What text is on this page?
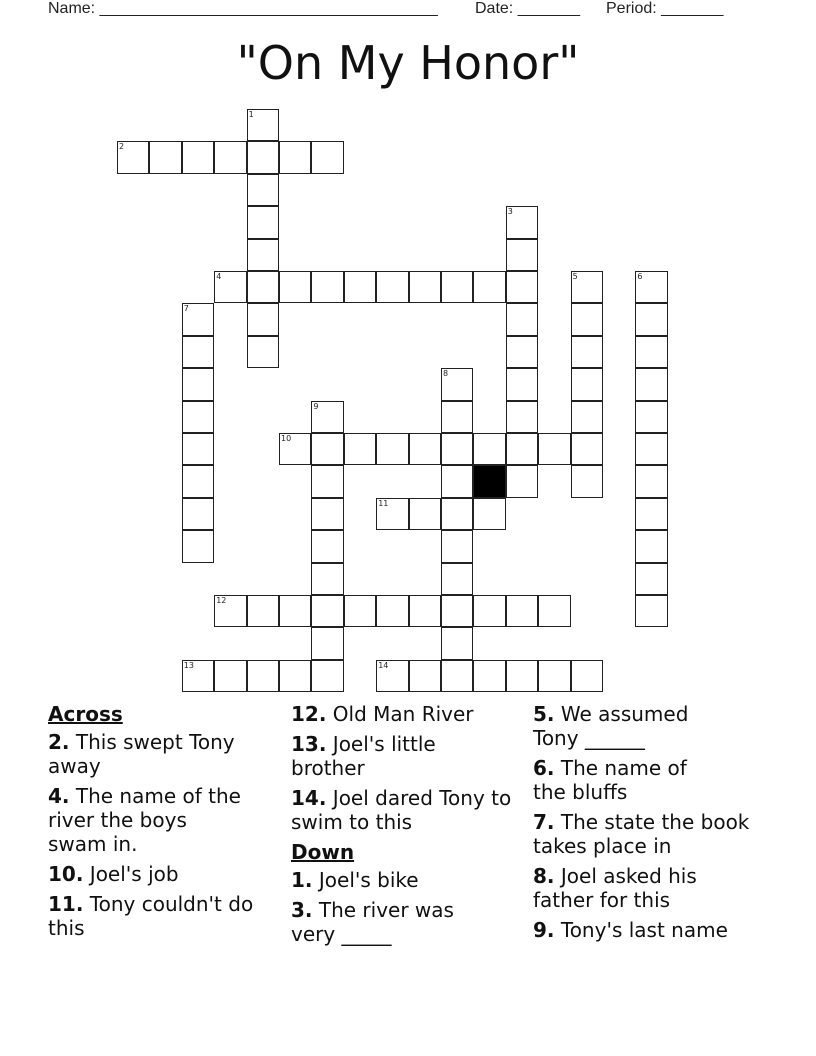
Name: ______________________________________ Date: _______ Period: _______
"On My Honor"
2
4
10
11
12
13	14
1
3
5	6
7
8
9
Across
2. This swept Tony away
4. The name of the river the boys swam in.
10. Joel's job
11. Tony couldn't do this
12. Old Man River
13. Joel's little brother
14. Joel dared Tony to swim to this
Down
1. Joel's bike
3. The river was very _____
5. We assumed Tony ______
6. The name of the bluffs
7. The state the book takes place in
8. Joel asked his father for this
9. Tony's last name
